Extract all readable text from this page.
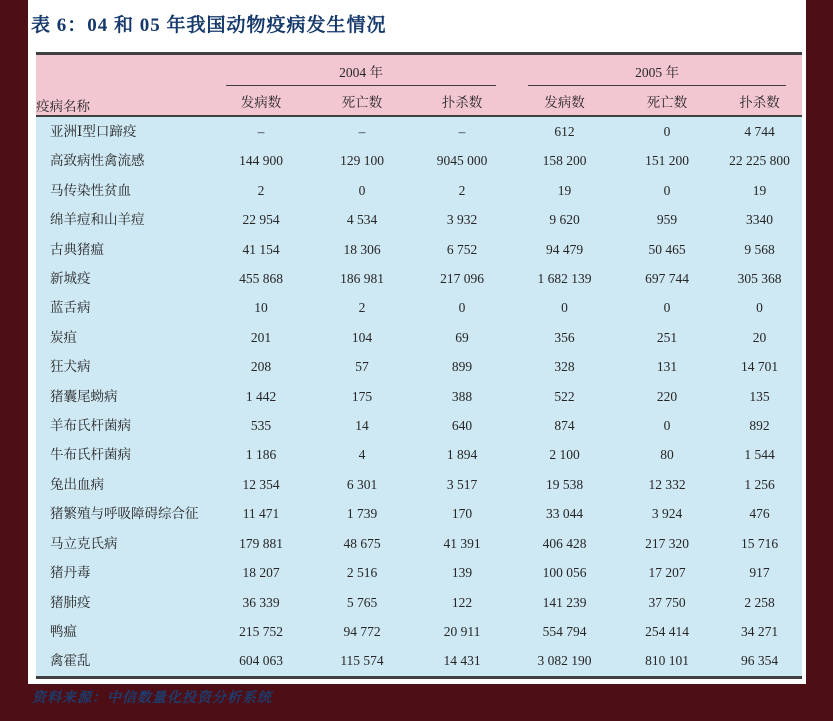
表 6：04 和 05 年我国动物疫病发生情况
疫病名称	2004 年			2005 年		

	发病数	死亡数	扑杀数	发病数	死亡数	扑杀数
亚洲Ⅰ型口蹄疫	–	–	–	612	0	4 744
高致病性禽流感	144 900	129 100	9045 000	158 200	151 200	22 225 800
马传染性贫血	2	0	2	19	0	19
绵羊痘和山羊痘	22 954	4 534	3 932	9 620	959	3340
古典猪瘟	41 154	18 306	6 752	94 479	50 465	9 568
新城疫	455 868	186 981	217 096	1 682 139	697 744	305 368
蓝舌病	10	2	0	0	0	0
炭疽	201	104	69	356	251	20
狂犬病	208	57	899	328	131	14 701
猪囊尾蚴病	1 442	175	388	522	220	135
羊布氏杆菌病	535	14	640	874	0	892
牛布氏杆菌病	1 186	4	1 894	2 100	80	1 544
兔出血病	12 354	6 301	3 517	19 538	12 332	1 256
猪繁殖与呼吸障碍综合征	11 471	1 739	170	33 044	3 924	476
马立克氏病	179 881	48 675	41 391	406 428	217 320	15 716
猪丹毒	18 207	2 516	139	100 056	17 207	917
猪肺疫	36 339	5 765	122	141 239	37 750	2 258
鸭瘟	215 752	94 772	20 911	554 794	254 414	34 271
禽霍乱	604 063	115 574	14 431	3 082 190	810 101	96 354
资料来源：中信数量化投资分析系统
